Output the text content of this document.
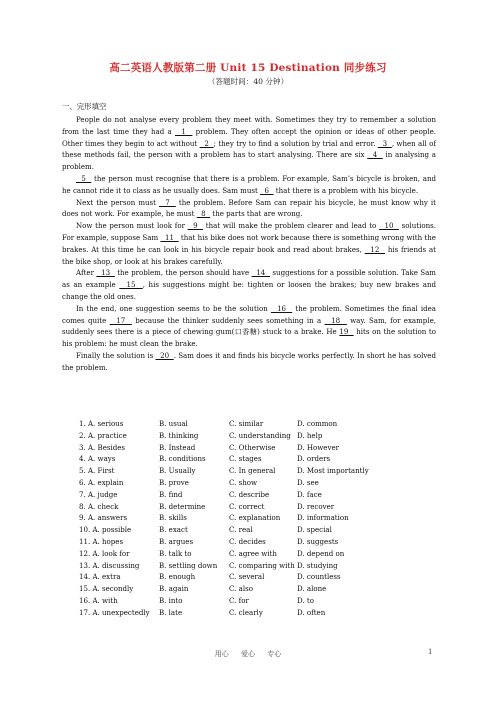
高二英语人教版第二册 Unit 15 Destination 同步练习
（答题时间：40 分钟）
一、完形填空

People do not analyse every problem they meet with. Sometimes they try to remember a solution from the last time they had a   1   problem. They often accept the opinion or ideas of other people. Other times they begin to act without   2  ; they try to find a solution by trial and error.   3  , when all of these methods fail, the person with a problem has to start analysing. There are six   4   in analysing a problem.

5   the person must recognise that there is a problem. For example, Sam’s bicycle is broken, and he cannot ride it to class as he usually does. Sam must   6   that there is a problem with his bicycle.

Next the person must   7   the problem. Before Sam can repair his bicycle, he must know why it does not work. For example, he must   8   the parts that are wrong.

Now the person must look for   9   that will make the problem clearer and lead to   10   solutions. For example, suppose Sam   11   that his bike does not work because there is something wrong with the brakes. At this time he can look in his bicycle repair book and read about brakes,   12   his friends at the bike shop, or look at his brakes carefully.

After   13   the problem, the person should have   14   suggestions for a possible solution. Take Sam as an example   15  , his suggestions might be: tighten or loosen the brakes; buy new brakes and change the old ones.

In the end, one suggestion seems to be the solution   16   the problem. Sometimes the final idea comes quite   17   because the thinker suddenly sees something in a   18   way. Sam, for example, suddenly sees there is a piece of chewing gum(口香糖) stuck to a brake. He 19   hits on the solution to his problem: he must clean the brake.

Finally the solution is   20  . Sam does it and finds his bicycle works perfectly. In short he has solved the problem.

1. A. serious	B. usual	C. similar	D. common
2. A. practice	B. thinking	C. understanding D. help
3. A. Besides	B. Instead	C. Otherwise	D. However
4. A. ways	B. conditions	C. stages	D. orders
5. A. First	B. Usually	C. In general	D. Most importantly
6. A. explain	B. prove	C. show	D. see
7. A. judge	B. find	C. describe	D. face
8. A. check	B. determine	C. correct	D. recover
9. A. answers	B. skills	C. explanation	D. information
10. A. possible	B. exact	C. real	D. special
11. A. hopes	B. argues	C. decides	D. suggests
12. A. look for	B. talk to	C. agree with	D. depend on
13. A. discussing	B. settling down	C. comparing with D. studying
14. A. extra	B. enough	C. several	D. countless
15. A. secondly	B. again	C. also	D. alone
16. A. with	B. into	C. for	D. to
17. A. unexpectedly	B. late	C. clearly	D. often
用心 爱心 专心	1
